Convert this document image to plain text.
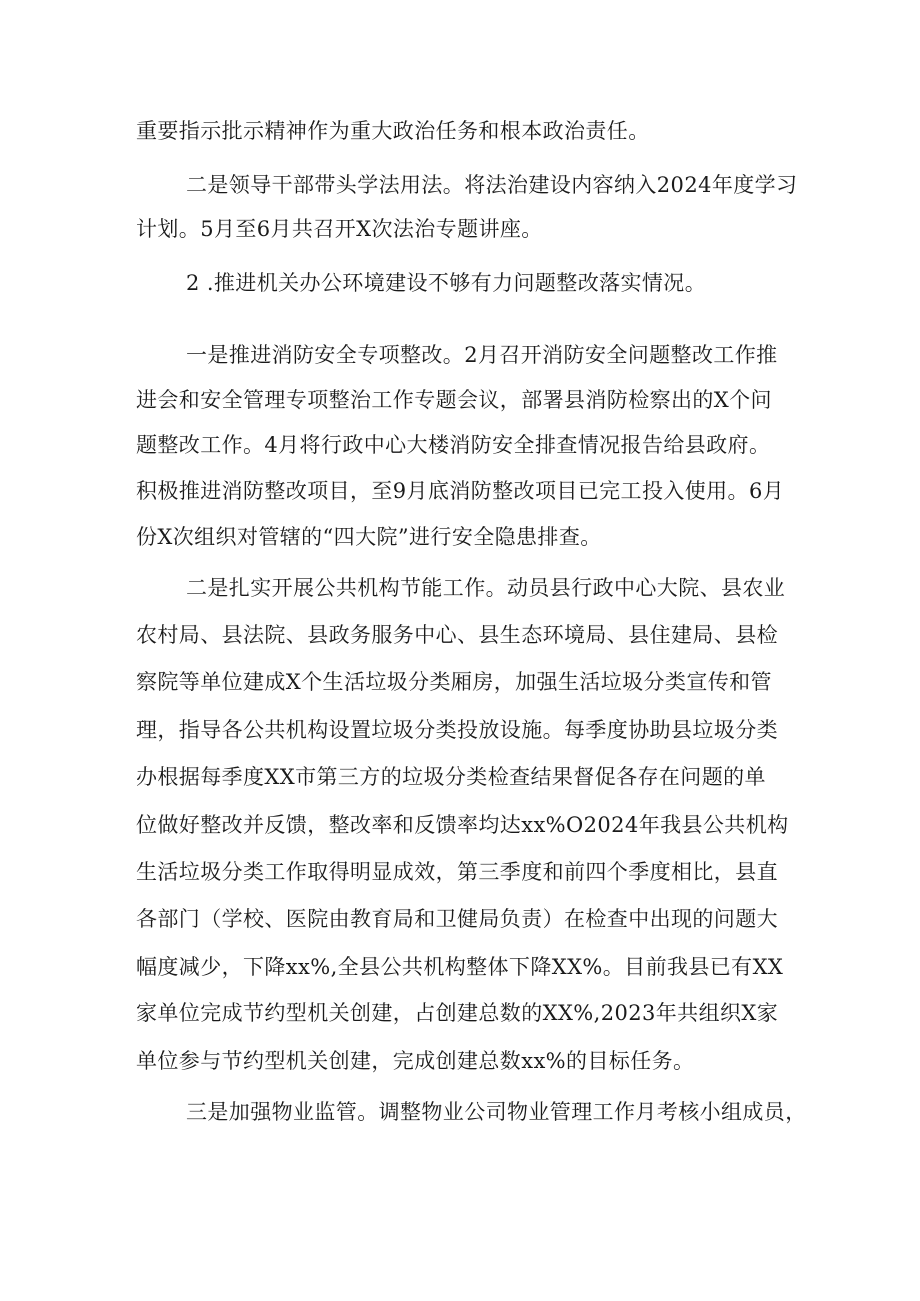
重要指示批示精神作为重大政治任务和根本政治责任。
二是领导干部带头学法用法。将法治建设内容纳入2024年度学习
计划。5月至6月共召开X次法治专题讲座。
2 .推进机关办公环境建设不够有力问题整改落实情况。
一是推进消防安全专项整改。2月召开消防安全问题整改工作推
进会和安全管理专项整治工作专题会议，部署县消防检察出的X个问
题整改工作。4月将行政中心大楼消防安全排查情况报告给县政府。
积极推进消防整改项目，至9月底消防整改项目已完工投入使用。6月
份X次组织对管辖的“四大院”进行安全隐患排查。
二是扎实开展公共机构节能工作。动员县行政中心大院、县农业
农村局、县法院、县政务服务中心、县生态环境局、县住建局、县检
察院等单位建成X个生活垃圾分类厢房，加强生活垃圾分类宣传和管
理，指导各公共机构设置垃圾分类投放设施。每季度协助县垃圾分类
办根据每季度XX市第三方的垃圾分类检查结果督促各存在问题的单
位做好整改并反馈，整改率和反馈率均达xx%O2024年我县公共机构
生活垃圾分类工作取得明显成效，第三季度和前四个季度相比，县直
各部门（学校、医院由教育局和卫健局负责）在检查中出现的问题大
幅度减少，下降xx%,全县公共机构整体下降XX%。目前我县已有XX
家单位完成节约型机关创建，占创建总数的XX%,2023年共组织X家
单位参与节约型机关创建，完成创建总数xx%的目标任务。
三是加强物业监管。调整物业公司物业管理工作月考核小组成员，
